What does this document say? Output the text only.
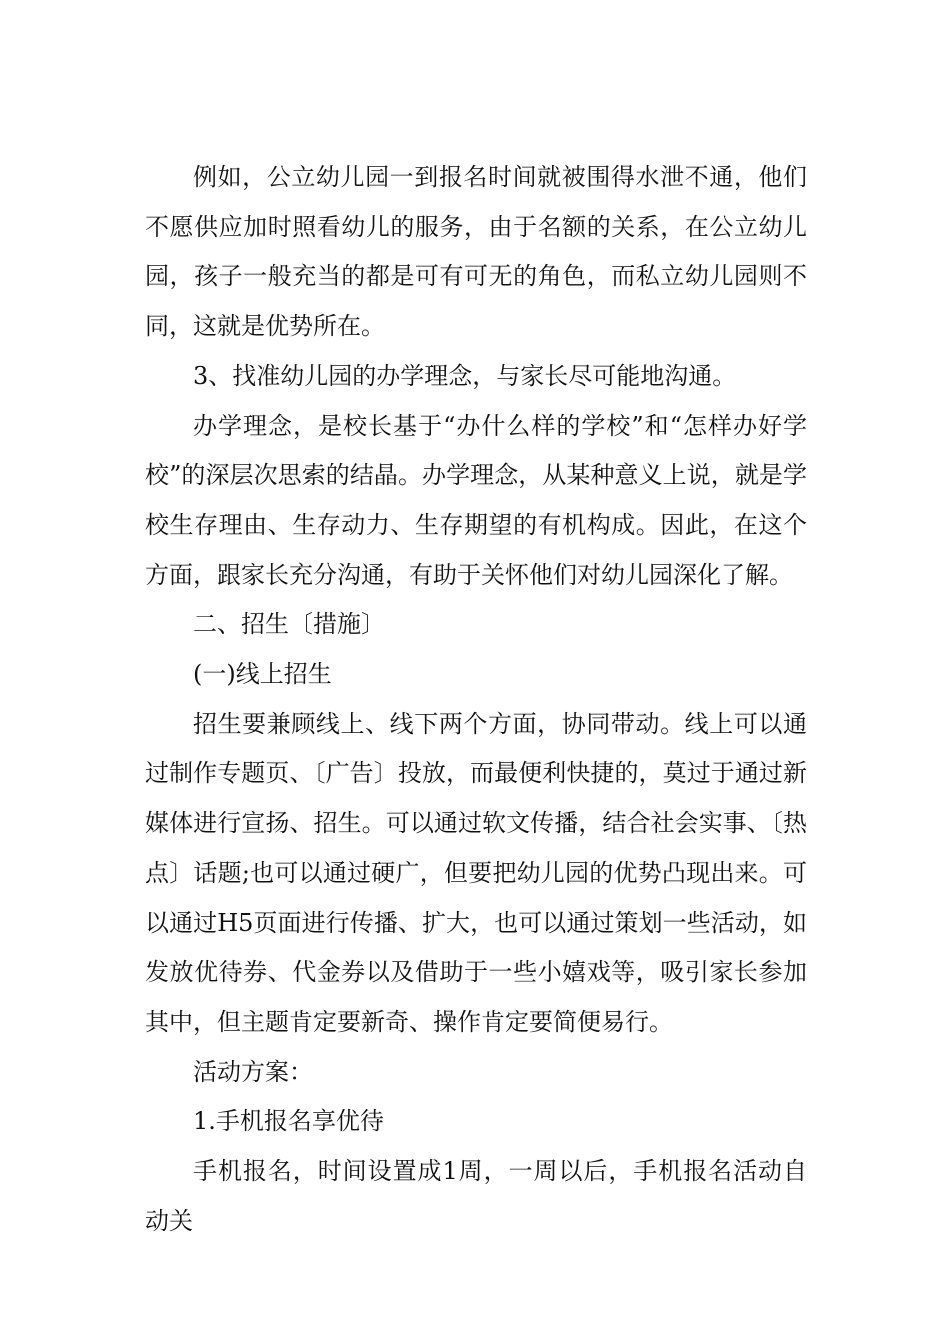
例如，公立幼儿园一到报名时间就被围得水泄不通，他们不愿供应加时照看幼儿的服务，由于名额的关系，在公立幼儿园，孩子一般充当的都是可有可无的角色，而私立幼儿园则不同，这就是优势所在。

3、找准幼儿园的办学理念，与家长尽可能地沟通。

办学理念，是校长基于“办什么样的学校”和“怎样办好学校”的深层次思索的结晶。办学理念，从某种意义上说，就是学校生存理由、生存动力、生存期望的有机构成。因此，在这个方面，跟家长充分沟通，有助于关怀他们对幼儿园深化了解。

二、招生〔措施〕

(一)线上招生

招生要兼顾线上、线下两个方面，协同带动。线上可以通过制作专题页、〔广告〕投放，而最便利快捷的，莫过于通过新媒体进行宣扬、招生。可以通过软文传播，结合社会实事、〔热点〕话题;也可以通过硬广，但要把幼儿园的优势凸现出来。可以通过H5页面进行传播、扩大，也可以通过策划一些活动，如发放优待券、代金券以及借助于一些小嬉戏等，吸引家长参加其中，但主题肯定要新奇、操作肯定要简便易行。

活动方案：

1.手机报名享优待

手机报名，时间设置成1周，一周以后，手机报名活动自动关
